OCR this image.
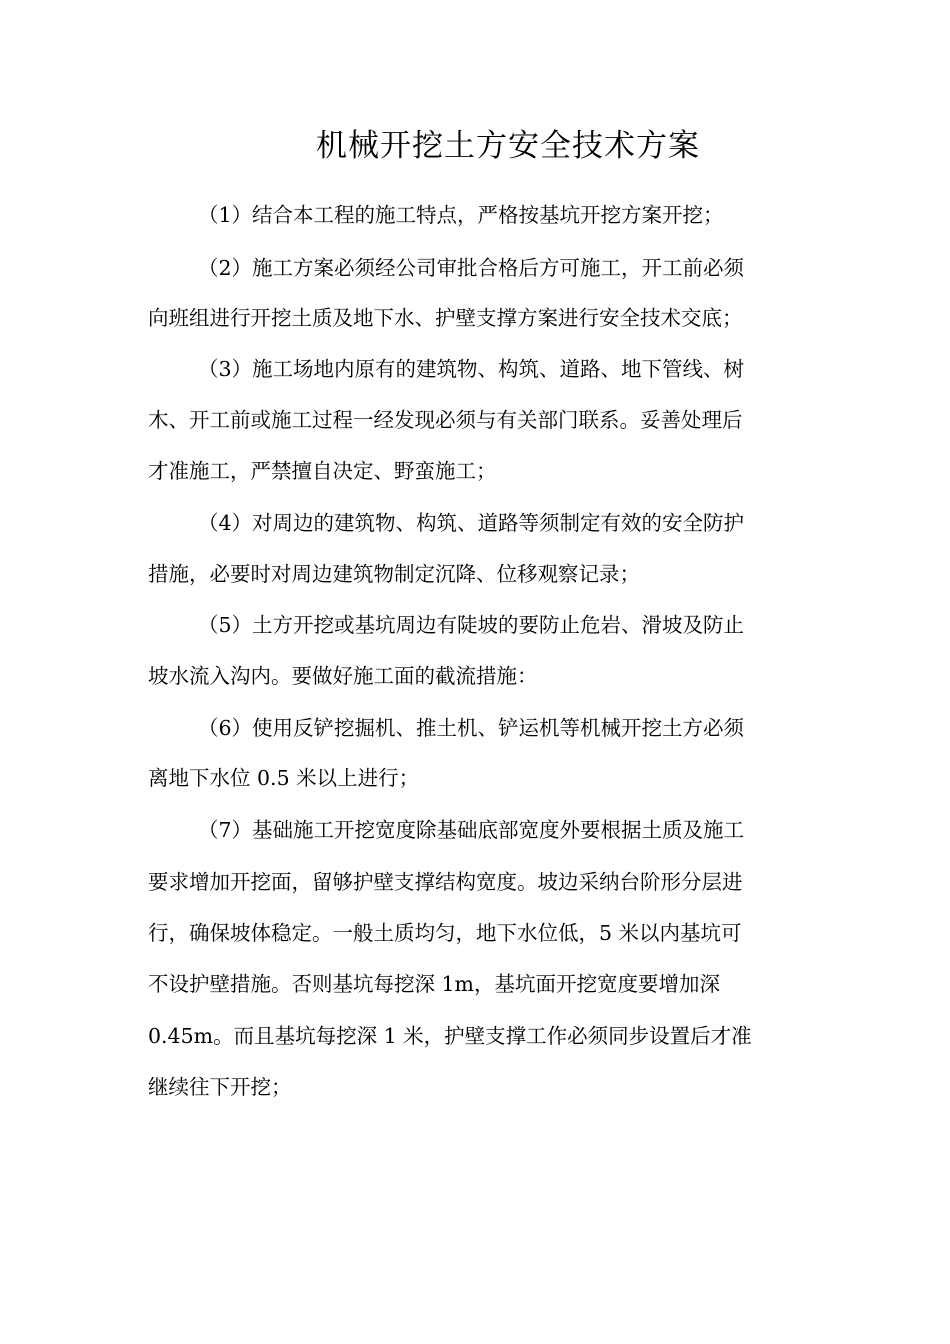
机械开挖土方安全技术方案
（1）结合本工程的施工特点，严格按基坑开挖方案开挖；
（2）施工方案必须经公司审批合格后方可施工，开工前必须
向班组进行开挖土质及地下水、护壁支撑方案进行安全技术交底；
（3）施工场地内原有的建筑物、构筑、道路、地下管线、树
木、开工前或施工过程一经发现必须与有关部门联系。妥善处理后
才准施工，严禁擅自决定、野蛮施工；
（4）对周边的建筑物、构筑、道路等须制定有效的安全防护
措施，必要时对周边建筑物制定沉降、位移观察记录；
（5）土方开挖或基坑周边有陡坡的要防止危岩、滑坡及防止
坡水流入沟内。要做好施工面的截流措施：
（6）使用反铲挖掘机、推土机、铲运机等机械开挖土方必须
离地下水位 0.5 米以上进行；
（7）基础施工开挖宽度除基础底部宽度外要根据土质及施工
要求增加开挖面，留够护壁支撑结构宽度。坡边采纳台阶形分层进
行，确保坡体稳定。一般土质均匀，地下水位低，5 米以内基坑可
不设护壁措施。否则基坑每挖深 1m，基坑面开挖宽度要增加深
0.45m。而且基坑每挖深 1 米，护壁支撑工作必须同步设置后才准
继续往下开挖；
